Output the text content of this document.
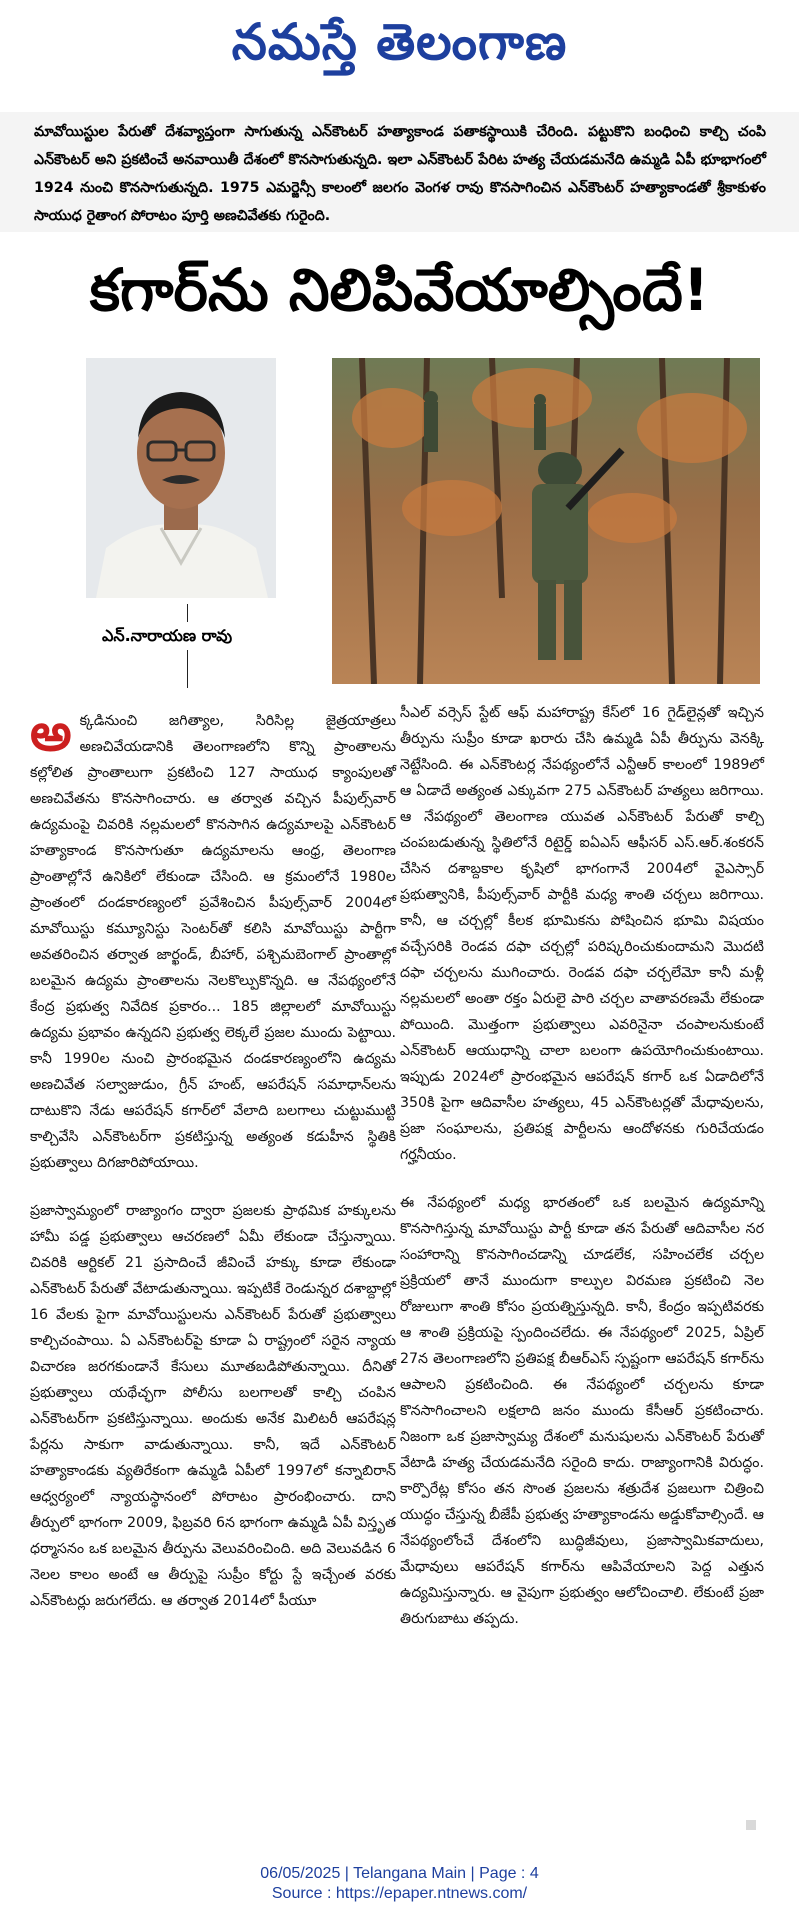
నమస్తే తెలంగాణ

మావోయిస్టుల పేరుతో దేశవ్యాప్తంగా సాగుతున్న ఎన్‌కౌంటర్ హత్యాకాండ పతాకస్థాయికి చేరింది. పట్టుకొని బంధించి కాల్చి చంపి ఎన్‌కౌంటర్ అని ప్రకటించే అనవాయితీ దేశంలో కొనసాగుతున్నది. ఇలా ఎన్‌కౌంటర్ పేరిట హత్య చేయడమనేది ఉమ్మడి ఏపీ భూభాగంలో 1924 నుంచి కొనసాగుతున్నది. 1975 ఎమర్జెన్సీ కాలంలో జలగం వెంగళ రావు కొనసాగించిన ఎన్‌కౌంటర్ హత్యాకాండతో శ్రీకాకుళం సాయుధ రైతాంగ పోరాటం పూర్తి అణచివేతకు గురైంది.

కగార్‌ను నిలిపివేయాల్సిందే!
ఎన్.నారాయణ రావు

అక్కడినుంచి జగిత్యాల, సిరిసిల్ల జైత్రయాత్రలు అణచివేయడానికి తెలంగాణలోని కొన్ని ప్రాంతాలను కల్లోలిత ప్రాంతాలుగా ప్రకటించి 127 సాయుధ క్యాంపులతో అణచివేతను కొనసాగించారు. ఆ తర్వాత వచ్చిన పీపుల్స్‌వార్ ఉద్యమంపై చివరికి నల్లమలలో కొనసాగిన ఉద్యమాలపై ఎన్‌కౌంటర్ హత్యాకాండ కొనసాగుతూ ఉద్యమాలను ఆంధ్ర, తెలంగాణ ప్రాంతాల్లోనే ఉనికిలో లేకుండా చేసింది. ఆ క్రమంలోనే 1980ల ప్రాంతంలో దండకారణ్యంలో ప్రవేశించిన పీపుల్స్‌వార్ 2004లో మావోయిస్టు కమ్యూనిస్టు సెంటర్‌తో కలిసి మావోయిస్టు పార్టీగా అవతరించిన తర్వాత జార్ఖండ్, బీహార్, పశ్చిమబెంగాల్ ప్రాంతాల్లో బలమైన ఉద్యమ ప్రాంతాలను నెలకొల్పుకొన్నది. ఆ నేపథ్యంలోనే కేంద్ర ప్రభుత్వ నివేదిక ప్రకారం... 185 జిల్లాలలో మావోయిస్టు ఉద్యమ ప్రభావం ఉన్నదని ప్రభుత్వ లెక్కలే ప్రజల ముందు పెట్టాయి. కానీ 1990ల నుంచి ప్రారంభమైన దండకారణ్యంలోని ఉద్యమ అణచివేత సల్వాజుడుం, గ్రీన్ హంట్, ఆపరేషన్ సమాధాన్‌లను దాటుకొని నేడు ఆపరేషన్ కగార్‌లో వేలాది బలగాలు చుట్టుముట్టి కాల్చివేసి ఎన్‌కౌంటర్‌గా ప్రకటిస్తున్న అత్యంత కడుహీన స్థితికి ప్రభుత్వాలు దిగజారిపోయాయి.

ప్రజాస్వామ్యంలో రాజ్యాంగం ద్వారా ప్రజలకు ప్రాథమిక హక్కులను హామీ పడ్డ ప్రభుత్వాలు ఆచరణలో ఏమీ లేకుండా చేస్తున్నాయి. చివరికి ఆర్టికల్ 21 ప్రసాదించే జీవించే హక్కు కూడా లేకుండా ఎన్‌కౌంటర్ పేరుతో వేటాడుతున్నాయి. ఇప్పటికే రెండున్నర దశాబ్దాల్లో 16 వేలకు పైగా మావోయిస్టులను ఎన్‌కౌంటర్ పేరుతో ప్రభుత్వాలు కాల్చిచంపాయి. ఏ ఎన్‌కౌంటర్‌పై కూడా ఏ రాష్ట్రంలో సరైన న్యాయ విచారణ జరగకుండానే కేసులు మూతబడిపోతున్నాయి. దీనితో ప్రభుత్వాలు యథేచ్ఛగా పోలీసు బలగాలతో కాల్చి చంపిన ఎన్‌కౌంటర్‌గా ప్రకటిస్తున్నాయి. అందుకు అనేక మిలిటరీ ఆపరేషన్ల పేర్లను సాకుగా వాడుతున్నాయి. కానీ, ఇదే ఎన్‌కౌంటర్ హత్యాకాండకు వ్యతిరేకంగా ఉమ్మడి ఏపీలో 1997లో కన్నాబిరాన్ ఆధ్వర్యంలో న్యాయస్థానంలో పోరాటం ప్రారంభించారు. దాని తీర్పులో భాగంగా 2009, ఫిబ్రవరి 6న భాగంగా ఉమ్మడి ఏపీ విస్తృత ధర్మాసనం ఒక బలమైన తీర్పును వెలువరించింది. అది వెలువడిన 6 నెలల కాలం అంటే ఆ తీర్పుపై సుప్రీం కోర్టు స్టే ఇచ్చేంత వరకు ఎన్‌కౌంటర్లు జరుగలేదు. ఆ తర్వాత 2014లో పీయూ

సీఎల్ వర్సెస్ స్టేట్ ఆఫ్ మహారాష్ట్ర కేస్‌లో 16 గైడ్‌లైన్లతో ఇచ్చిన తీర్పును సుప్రీం కూడా ఖరారు చేసి ఉమ్మడి ఏపీ తీర్పును వెనక్కి నెట్టేసింది. ఈ ఎన్‌కౌంటర్ల నేపథ్యంలోనే ఎన్టీఆర్ కాలంలో 1989లో ఆ ఏడాదే అత్యంత ఎక్కువగా 275 ఎన్‌కౌంటర్ హత్యలు జరిగాయి. ఆ నేపథ్యంలో తెలంగాణ యువత ఎన్‌కౌంటర్ పేరుతో కాల్చి చంపబడుతున్న స్థితిలోనే రిటైర్డ్ ఐఏఎస్ ఆఫీసర్ ఎస్.ఆర్.శంకరన్ చేసిన దశాబ్దకాల కృషిలో భాగంగానే 2004లో వైఎస్సార్ ప్రభుత్వానికి, పీపుల్స్‌వార్ పార్టీకి మధ్య శాంతి చర్చలు జరిగాయి. కానీ, ఆ చర్చల్లో కీలక భూమికను పోషించిన భూమి విషయం వచ్చేసరికి రెండవ దఫా చర్చల్లో పరిష్కరించుకుందామని మొదటి దఫా చర్చలను ముగించారు. రెండవ దఫా చర్చలేమో కానీ మళ్లీ నల్లమలలో అంతా రక్తం ఏరులై పారి చర్చల వాతావరణమే లేకుండా పోయింది. మొత్తంగా ప్రభుత్వాలు ఎవరినైనా చంపాలనుకుంటే ఎన్‌కౌంటర్ ఆయుధాన్ని చాలా బలంగా ఉపయోగించుకుంటాయి. ఇప్పుడు 2024లో ప్రారంభమైన ఆపరేషన్ కగార్ ఒక ఏడాదిలోనే 350కి పైగా ఆదివాసీల హత్యలు, 45 ఎన్‌కౌంటర్లతో మేధావులను, ప్రజా సంఘాలను, ప్రతిపక్ష పార్టీలను ఆందోళనకు గురిచేయడం గర్హనీయం.

ఈ నేపథ్యంలో మధ్య భారతంలో ఒక బలమైన ఉద్యమాన్ని కొనసాగిస్తున్న మావోయిస్టు పార్టీ కూడా తన పేరుతో ఆదివాసీల నర సంహారాన్ని కొనసాగించడాన్ని చూడలేక, సహించలేక చర్చల ప్రక్రియలో తానే ముందుగా కాల్పుల విరమణ ప్రకటించి నెల రోజులుగా శాంతి కోసం ప్రయత్నిస్తున్నది. కానీ, కేంద్రం ఇప్పటివరకు ఆ శాంతి ప్రక్రియపై స్పందించలేదు. ఈ నేపథ్యంలో 2025, ఏప్రిల్ 27న తెలంగాణలోని ప్రతిపక్ష బీఆర్‌ఎస్ స్పష్టంగా ఆపరేషన్ కగార్‌ను ఆపాలని ప్రకటించింది. ఈ నేపథ్యంలో చర్చలను కూడా కొనసాగించాలని లక్షలాది జనం ముందు కేసీఆర్ ప్రకటించారు. నిజంగా ఒక ప్రజాస్వామ్య దేశంలో మనుషులను ఎన్‌కౌంటర్ పేరుతో వేటాడి హత్య చేయడమనేది సరైంది కాదు. రాజ్యాంగానికి విరుద్ధం. కార్పొరేట్ల కోసం తన సొంత ప్రజలను శత్రుదేశ ప్రజలుగా చిత్రించి యుద్ధం చేస్తున్న బీజేపీ ప్రభుత్వ హత్యాకాండను అడ్డుకోవాల్సిందే. ఆ నేపథ్యంలోంచే దేశంలోని బుద్ధిజీవులు, ప్రజాస్వామికవాదులు, మేధావులు ఆపరేషన్ కగార్‌ను ఆపివేయాలని పెద్ద ఎత్తున ఉద్యమిస్తున్నారు. ఆ వైపుగా ప్రభుత్వం ఆలోచించాలి. లేకుంటే ప్రజా తిరుగుబాటు తప్పదు.

06/05/2025 | Telangana Main | Page : 4
Source : https://epaper.ntnews.com/
